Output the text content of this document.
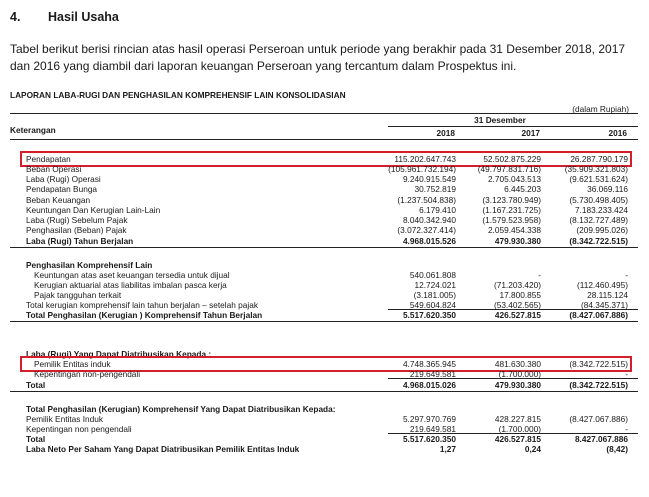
4. Hasil Usaha
Tabel berikut berisi rincian atas hasil operasi Perseroan untuk periode yang berakhir pada 31 Desember 2018, 2017 dan 2016 yang diambil dari laporan keuangan Perseroan yang tercantum dalam Prospektus ini.
LAPORAN LABA-RUGI DAN PENGHASILAN KOMPREHENSIF LAIN KONSOLIDASIAN
(dalam Rupiah)
Keterangan
31 Desember
2018	2017	2016
Pendapatan	115.202.647.743	52.502.875.229	26.287.790.179
Beban Operasi	(105.961.732.194)	(49.797.831.716)	(35.909.321.803)
Laba (Rugi) Operasi	9.240.915.549	2.705.043.513	(9.621.531.624)
Pendapatan Bunga	30.752.819	6.445.203	36.069.116
Beban Keuangan	(1.237.504.838)	(3.123.780.949)	(5.730.498.405)
Keuntungan Dan Kerugian Lain-Lain	6.179.410	(1.167.231.725)	7.183.233.424
Laba (Rugi) Sebelum Pajak	8.040.342.940	(1.579.523.958)	(8.132.727.489)
Penghasilan (Beban) Pajak	(3.072.327.414)	2.059.454.338	(209.995.026)
Laba (Rugi) Tahun Berjalan	4.968.015.526	479.930.380	(8.342.722.515)
Penghasilan Komprehensif Lain
Keuntungan atas aset keuangan tersedia untuk dijual	540.061.808	-	-
Kerugian aktuarial atas liabilitas imbalan pasca kerja	12.724.021	(71.203.420)	(112.460.495)
Pajak tangguhan terkait	(3.181.005)	17.800.855	28.115.124
Total kerugian komprehensif lain tahun berjalan – setelah pajak	549.604.824	(53.402.565)	(84.345.371)
Total Penghasilan (Kerugian ) Komprehensif Tahun Berjalan	5.517.620.350	426.527.815	(8.427.067.886)
Laba (Rugi) Yang Dapat Diatribusikan Kepada :
Pemilik Entitas induk	4.748.365.945	481.630.380	(8.342.722.515)
Kepentingan non-pengendali	219.649.581	(1.700.000)	-
Total	4.968.015.026	479.930.380	(8.342.722.515)
Total Penghasilan (Kerugian) Komprehensif Yang Dapat Diatribusikan Kepada:
Pemilik Entitas Induk	5.297.970.769	428.227.815	(8.427.067.886)
Kepentingan non pengendali	219.649.581	(1.700.000)	-
Total	5.517.620.350	426.527.815	8.427.067.886
Laba Neto Per Saham Yang Dapat Diatribusikan Pemilik Entitas Induk	1,27	0,24	(8,42)
